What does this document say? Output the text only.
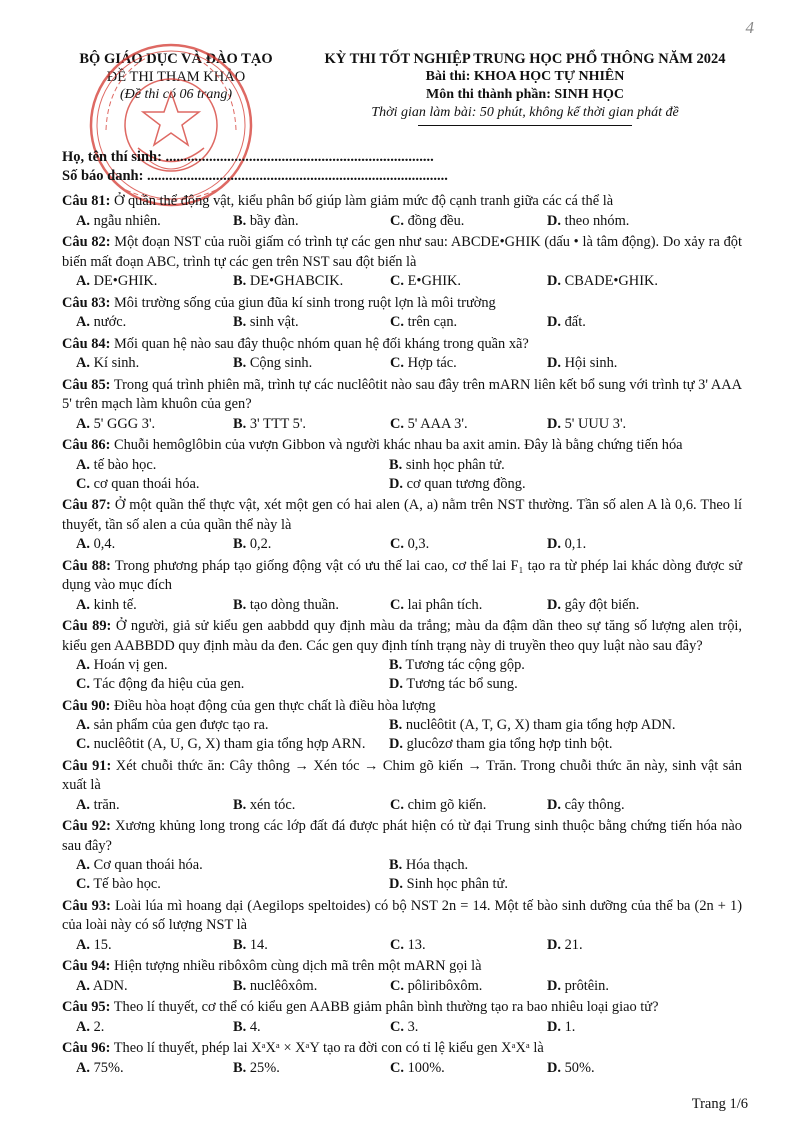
4
BỘ GIÁO DỤC VÀ ĐÀO TẠO
ĐỀ THI THAM KHẢO
(Đề thi có 06 trang)
KỲ THI TỐT NGHIỆP TRUNG HỌC PHỔ THÔNG NĂM 2024
Bài thi: KHOA HỌC TỰ NHIÊN
Môn thi thành phần: SINH HỌC
Thời gian làm bài: 50 phút, không kể thời gian phát đề
Họ, tên thí sinh: ..........................................................................
Số báo danh: ...................................................................................
Câu 81: Ở quần thể động vật, kiểu phân bố giúp làm giảm mức độ cạnh tranh giữa các cá thể là
A. ngẫu nhiên.	B. bầy đàn.	C. đồng đều.	D. theo nhóm.
Câu 82: Một đoạn NST của ruồi giấm có trình tự các gen như sau: ABCDE•GHIK (dấu • là tâm động). Do xảy ra đột biến mất đoạn ABC, trình tự các gen trên NST sau đột biến là
A. DE•GHIK.	B. DE•GHABCIK.	C. E•GHIK.	D. CBADE•GHIK.
Câu 83: Môi trường sống của giun đũa kí sinh trong ruột lợn là môi trường
A. nước.	B. sinh vật.	C. trên cạn.	D. đất.
Câu 84: Mối quan hệ nào sau đây thuộc nhóm quan hệ đối kháng trong quần xã?
A. Kí sinh.	B. Cộng sinh.	C. Hợp tác.	D. Hội sinh.
Câu 85: Trong quá trình phiên mã, trình tự các nuclêôtit nào sau đây trên mARN liên kết bổ sung với trình tự 3' AAA 5' trên mạch làm khuôn của gen?
A. 5' GGG 3'.	B. 3' TTT 5'.	C. 5' AAA 3'.	D. 5' UUU 3'.
Câu 86: Chuỗi hemôglôbin của vượn Gibbon và người khác nhau ba axit amin. Đây là bằng chứng tiến hóa
A. tế bào học.	B. sinh học phân tử.
C. cơ quan thoái hóa.	D. cơ quan tương đồng.
Câu 87: Ở một quần thể thực vật, xét một gen có hai alen (A, a) nằm trên NST thường. Tần số alen A là 0,6. Theo lí thuyết, tần số alen a của quần thể này là
A. 0,4.	B. 0,2.	C. 0,3.	D. 0,1.
Câu 88: Trong phương pháp tạo giống động vật có ưu thế lai cao, cơ thể lai F₁ tạo ra từ phép lai khác dòng được sử dụng vào mục đích
A. kinh tế.	B. tạo dòng thuần.	C. lai phân tích.	D. gây đột biến.
Câu 89: Ở người, giả sử kiểu gen aabbdd quy định màu da trắng; màu da đậm dần theo sự tăng số lượng alen trội, kiểu gen AABBDD quy định màu da đen. Các gen quy định tính trạng này di truyền theo quy luật nào sau đây?
A. Hoán vị gen.	B. Tương tác cộng gộp.
C. Tác động đa hiệu của gen.	D. Tương tác bổ sung.
Câu 90: Điều hòa hoạt động của gen thực chất là điều hòa lượng
A. sản phẩm của gen được tạo ra.	B. nuclêôtit (A, T, G, X) tham gia tổng hợp ADN.
C. nuclêôtit (A, U, G, X) tham gia tổng hợp ARN.	D. glucôzơ tham gia tổng hợp tinh bột.
Câu 91: Xét chuỗi thức ăn: Cây thông → Xén tóc → Chim gõ kiến → Trăn. Trong chuỗi thức ăn này, sinh vật sản xuất là
A. trăn.	B. xén tóc.	C. chim gõ kiến.	D. cây thông.
Câu 92: Xương khủng long trong các lớp đất đá được phát hiện có từ đại Trung sinh thuộc bằng chứng tiến hóa nào sau đây?
A. Cơ quan thoái hóa.	B. Hóa thạch.
C. Tế bào học.	D. Sinh học phân tử.
Câu 93: Loài lúa mì hoang dại (Aegilops speltoides) có bộ NST 2n = 14. Một tế bào sinh dưỡng của thể ba (2n + 1) của loài này có số lượng NST là
A. 15.	B. 14.	C. 13.	D. 21.
Câu 94: Hiện tượng nhiều ribôxôm cùng dịch mã trên một mARN gọi là
A. ADN.	B. nuclêôxôm.	C. pôliribôxôm.	D. prôtêin.
Câu 95: Theo lí thuyết, cơ thể có kiểu gen AABB giảm phân bình thường tạo ra bao nhiêu loại giao tử?
A. 2.	B. 4.	C. 3.	D. 1.
Câu 96: Theo lí thuyết, phép lai XᵃXᵃ × XᵃY tạo ra đời con có tỉ lệ kiểu gen XᵃXᵃ là
A. 75%.	B. 25%.	C. 100%.	D. 50%.
Trang 1/6
